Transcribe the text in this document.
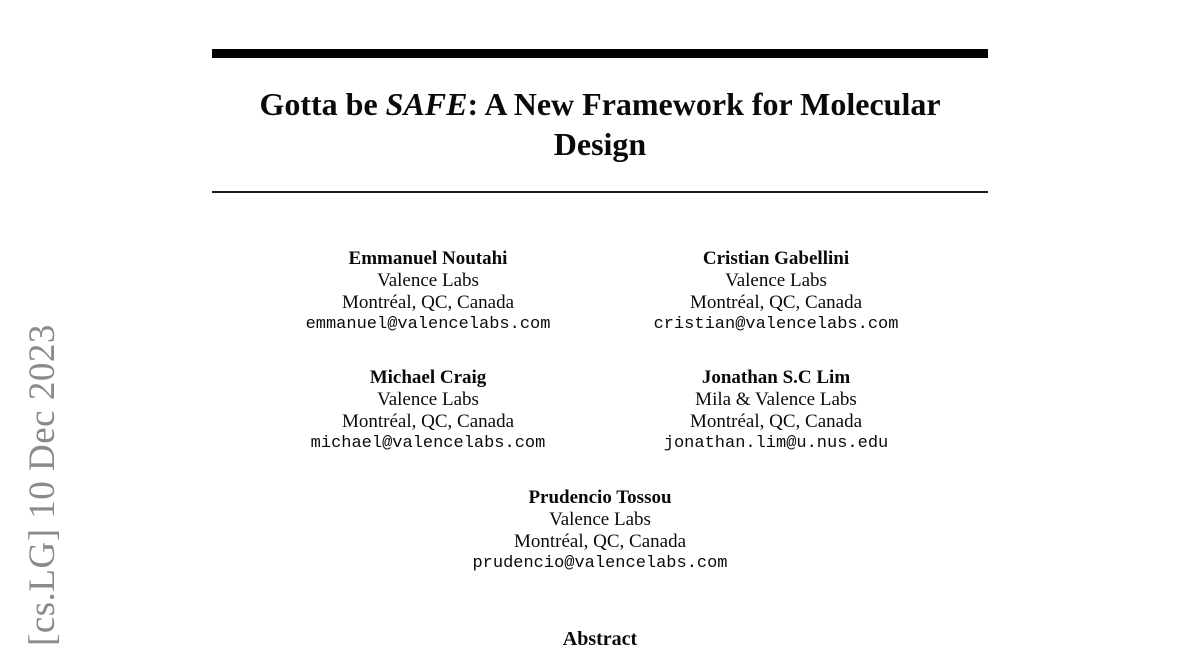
[cs.LG] 10 Dec 2023
Gotta be SAFE: A New Framework for Molecular
Design
Emmanuel Noutahi
Valence Labs
Montréal, QC, Canada
emmanuel@valencelabs.com
Cristian Gabellini
Valence Labs
Montréal, QC, Canada
cristian@valencelabs.com
Michael Craig
Valence Labs
Montréal, QC, Canada
michael@valencelabs.com
Jonathan S.C Lim
Mila & Valence Labs
Montréal, QC, Canada
jonathan.lim@u.nus.edu
Prudencio Tossou
Valence Labs
Montréal, QC, Canada
prudencio@valencelabs.com
Abstract
